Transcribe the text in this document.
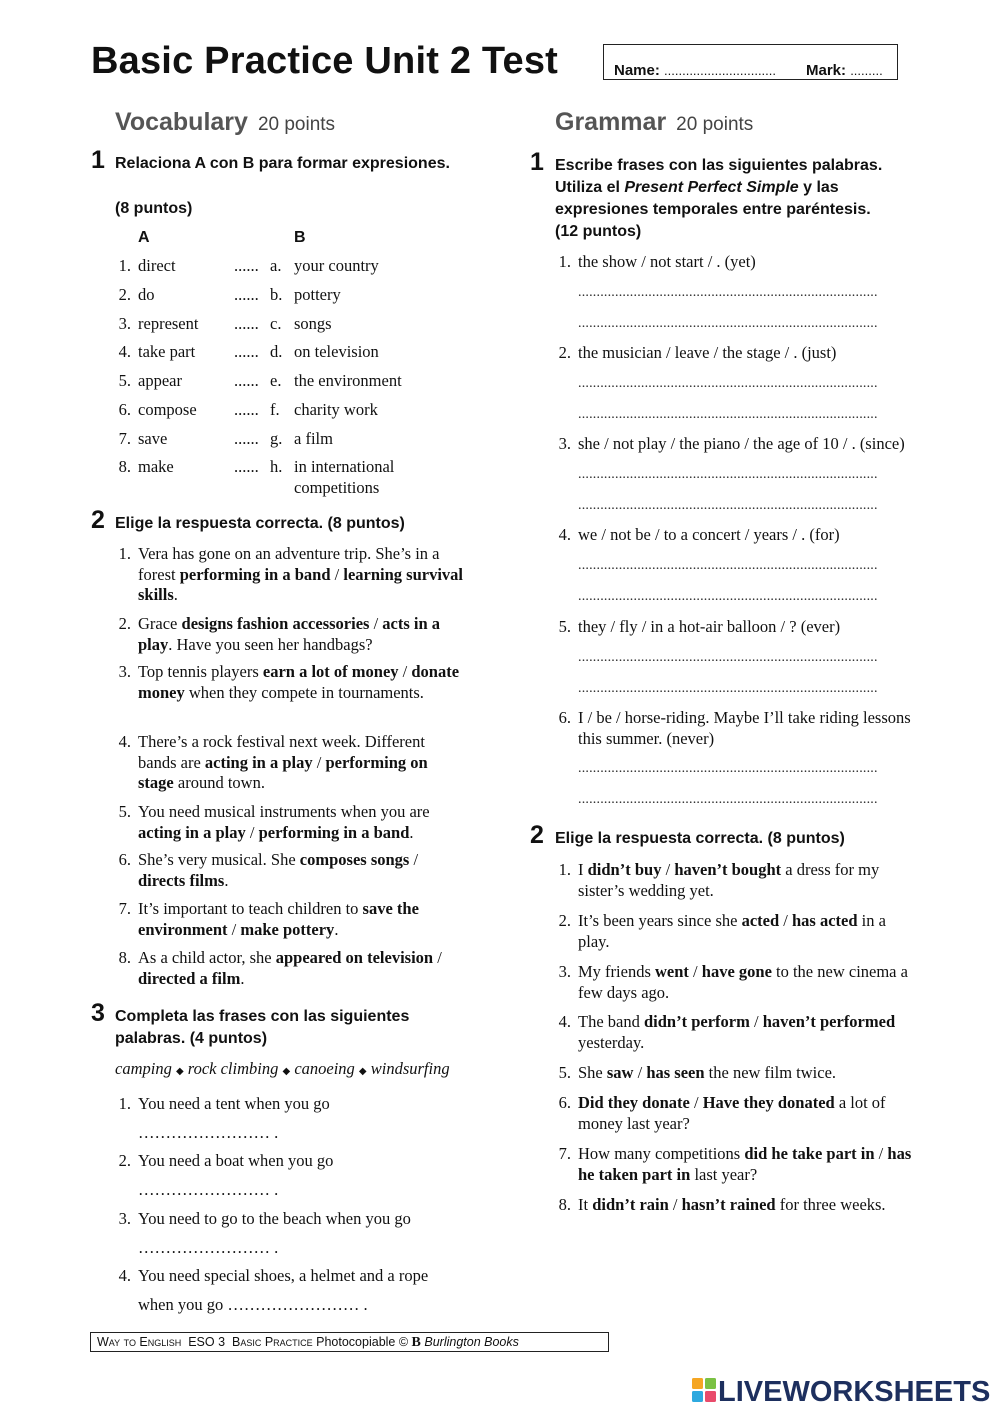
Basic Practice Unit 2 Test	Name: ............................... Mark: .........
Vocabulary 20 points
1 Relaciona A con B para formar expresiones.
(8 puntos)
A	B
1. direct	...... a. your country
2. do	...... b. pottery
3. represent ...... c. songs
4. take part ...... d. on television
5. appear	...... e. the environment
6. compose ...... f. charity work
7. save	...... g. a film
8. make	...... h. in international competitions
2 Elige la respuesta correcta. (8 puntos)
1. Vera has gone on an adventure trip. She’s in a forest performing in a band / learning survival skills.
2. Grace designs fashion accessories / acts in a play. Have you seen her handbags?
3. Top tennis players earn a lot of money / donate money when they compete in tournaments.
4. There’s a rock festival next week. Different bands are acting in a play / performing on stage around town.
5. You need musical instruments when you are acting in a play / performing in a band.
6. She’s very musical. She composes songs / directs films.
7. It’s important to teach children to save the environment / make pottery.
8. As a child actor, she appeared on television / directed a film.
3 Completa las frases con las siguientes palabras. (4 puntos)
camping ◆ rock climbing ◆ canoeing ◆ windsurfing
1. You need a tent when you go
…………………… .
2. You need a boat when you go
…………………… .
3. You need to go to the beach when you go
…………………… .
4. You need special shoes, a helmet and a rope
when you go …………………… .
Grammar 20 points
1 Escribe frases con las siguientes palabras. Utiliza el Present Perfect Simple y las expresiones temporales entre paréntesis.
(12 puntos)
1. the show / not start / . (yet)
.................................................................................
.................................................................................
2. the musician / leave / the stage / . (just)
.................................................................................
.................................................................................
3. she / not play / the piano / the age of 10 / . (since)
.................................................................................
.................................................................................
4. we / not be / to a concert / years / . (for)
.................................................................................
.................................................................................
5. they / fly / in a hot-air balloon / ? (ever)
.................................................................................
.................................................................................
6. I / be / horse-riding. Maybe I’ll take riding lessons this summer. (never)
.................................................................................
.................................................................................
2 Elige la respuesta correcta. (8 puntos)
1. I didn’t buy / haven’t bought a dress for my sister’s wedding yet.
2. It’s been years since she acted / has acted in a play.
3. My friends went / have gone to the new cinema a few days ago.
4. The band didn’t perform / haven’t performed yesterday.
5. She saw / has seen the new film twice.
6. Did they donate / Have they donated a lot of money last year?
7. How many competitions did he take part in / has he taken part in last year?
8. It didn’t rain / hasn’t rained for three weeks.
Way to English ESO 3 Basic Practice Photocopiable © B Burlington Books
LIVEWORKSHEETS
